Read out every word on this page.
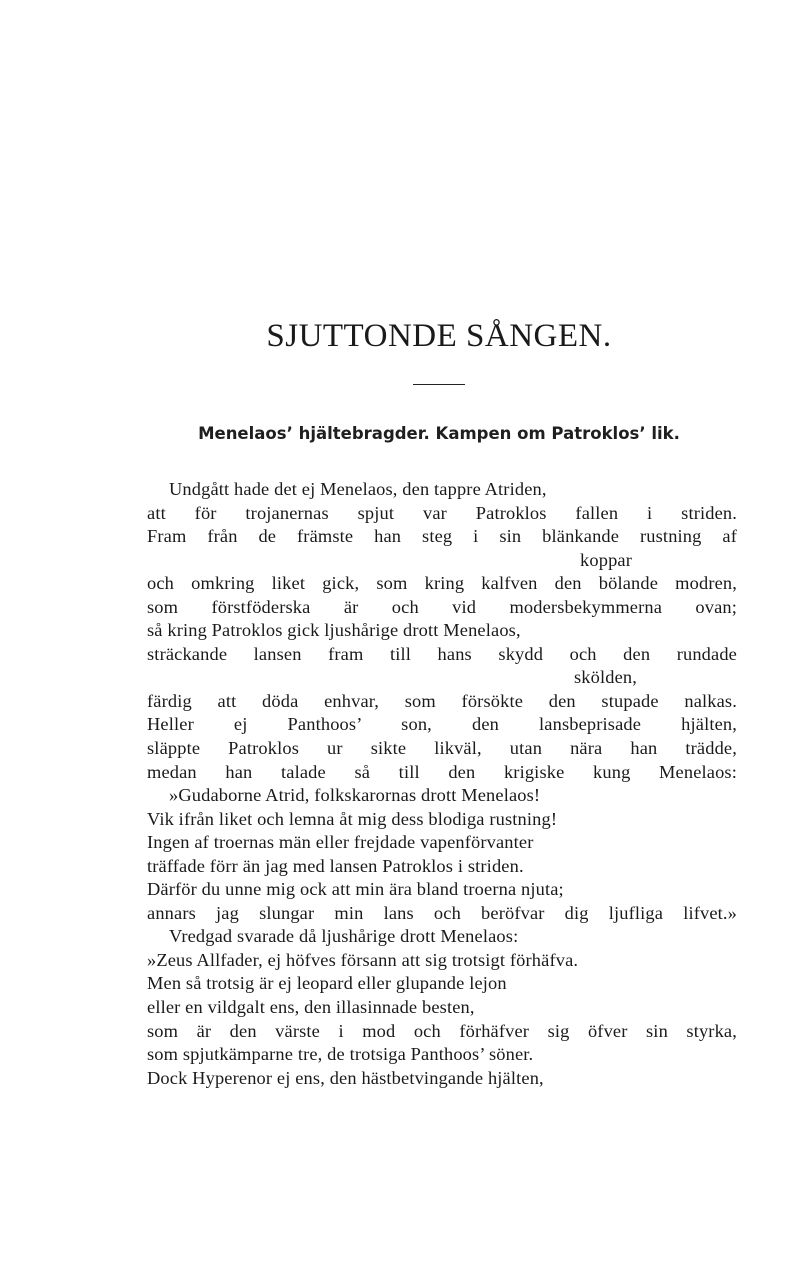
SJUTTONDE SÅNGEN.
Menelaos’ hjältebragder. Kampen om Patroklos’ lik.
Undgått hade det ej Menelaos, den tappre Atriden,
att för trojanernas spjut var Patroklos fallen i striden.
Fram från de främste han steg i sin blänkande rustning af
koppar
och omkring liket gick, som kring kalfven den bölande modren,
som förstföderska är och vid modersbekymmerna ovan;
så kring Patroklos gick ljushårige drott Menelaos,
sträckande lansen fram till hans skydd och den rundade
skölden,
färdig att döda enhvar, som försökte den stupade nalkas.
Heller ej Panthoos’ son, den lansbeprisade hjälten,
släppte Patroklos ur sikte likväl, utan nära han trädde,
medan han talade så till den krigiske kung Menelaos:
»Gudaborne Atrid, folkskarornas drott Menelaos!
Vik ifrån liket och lemna åt mig dess blodiga rustning!
Ingen af troernas män eller frejdade vapenförvanter
träffade förr än jag med lansen Patroklos i striden.
Därför du unne mig ock att min ära bland troerna njuta;
annars jag slungar min lans och beröfvar dig ljufliga lifvet.»
Vredgad svarade då ljushårige drott Menelaos:
»Zeus Allfader, ej höfves försann att sig trotsigt förhäfva.
Men så trotsig är ej leopard eller glupande lejon
eller en vildgalt ens, den illasinnade besten,
som är den värste i mod och förhäfver sig öfver sin styrka,
som spjutkämparne tre, de trotsiga Panthoos’ söner.
Dock Hyperenor ej ens, den hästbetvingande hjälten,
